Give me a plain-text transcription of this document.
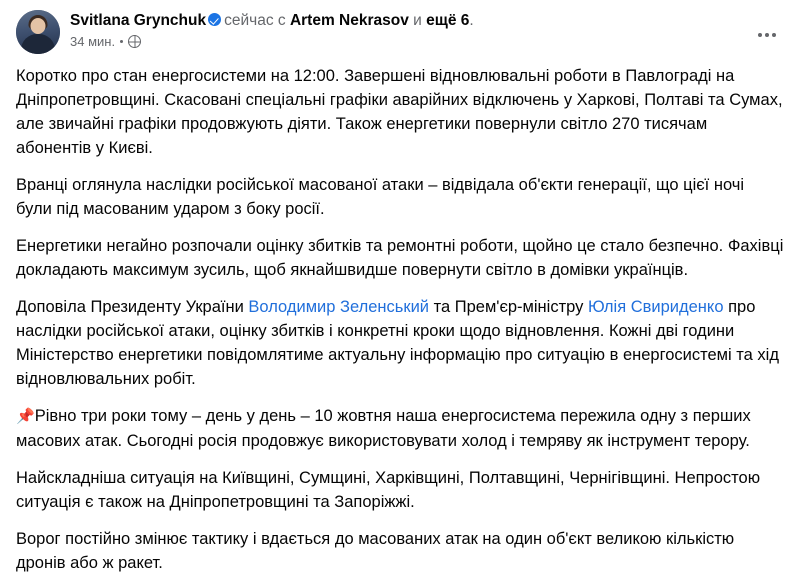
Svitlana Grynchuk сейчас с Artem Nekrasov и ещё 6.
34 мин.

Коротко про стан енергосистеми на 12:00. Завершені відновлювальні роботи в Павлограді на Дніпропетровщині. Скасовані спеціальні графіки аварійних відключень у Харкові, Полтаві та Сумах, але звичайні графіки продовжують діяти. Також енергетики повернули світло 270 тисячам абонентів у Києві.

Вранці оглянула наслідки російської масованої атаки – відвідала об'єкти генерації, що цієї ночі були під масованим ударом з боку росії.

Енергетики негайно розпочали оцінку збитків та ремонтні роботи, щойно це стало безпечно. Фахівці докладають максимум зусиль, щоб якнайшвидше повернути світло в домівки українців.

Доповіла Президенту України Володимир Зеленський та Прем'єр-міністру Юлія Свириденко про наслідки російської атаки, оцінку збитків і конкретні кроки щодо відновлення. Кожні дві години Міністерство енергетики повідомлятиме актуальну інформацію про ситуацію в енергосистемі та хід відновлювальних робіт.

📌Рівно три роки тому – день у день – 10 жовтня наша енергосистема пережила одну з перших масових атак. Сьогодні росія продовжує використовувати холод і темряву як інструмент терору.

Найскладніша ситуація на Київщині, Сумщині, Харківщині, Полтавщині, Чернігівщині. Непростою ситуація є також на Дніпропетровщині та Запоріжжі.

Ворог постійно змінює тактику і вдається до масованих атак на один об'єкт великою кількістю дронів або ж ракет.
